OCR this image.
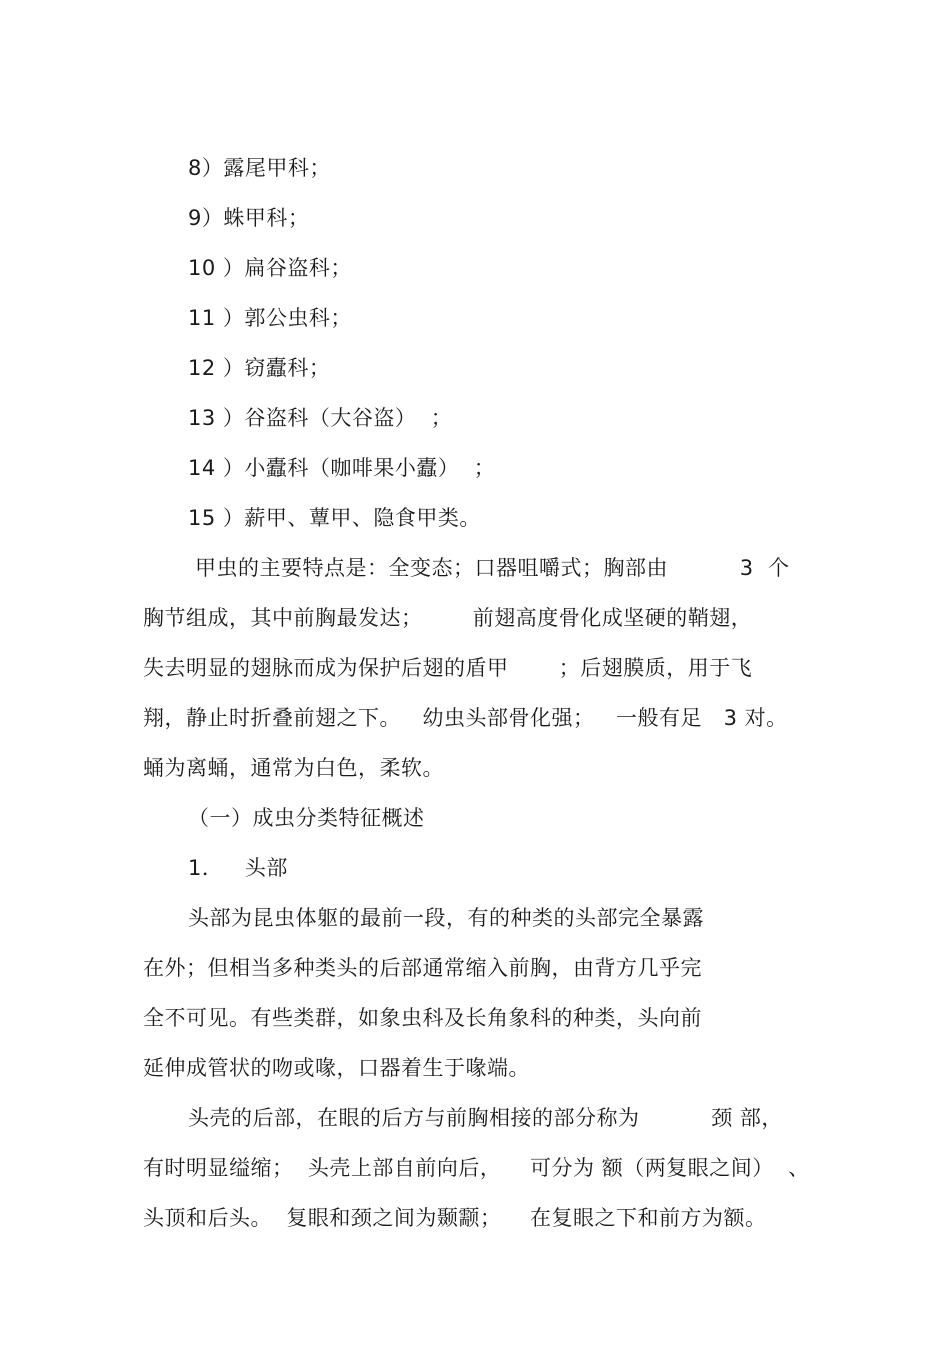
8）露尾甲科；
9）蛛甲科；
10 ）扁谷盗科；
11 ）郭公虫科；
12 ）窃蠹科；
13 ）谷盗科（大谷盗）  ；
14 ）小蠹科（咖啡果小蠹）  ；
15 ）薪甲、蕈甲、隐食甲类。
甲虫的主要特点是：全变态；口器咀嚼式；胸部由          3  个
胸节组成，其中前胸最发达；       前翅高度骨化成坚硬的鞘翅，
失去明显的翅脉而成为保护后翅的盾甲       ；后翅膜质，用于飞
翔，静止时折叠前翅之下。   幼虫头部骨化强；   一般有足   3 对。
蛹为离蛹，通常为白色，柔软。
（一）成虫分类特征概述
1．   头部
头部为昆虫体躯的最前一段，有的种类的头部完全暴露
在外；但相当多种类头的后部通常缩入前胸，由背方几乎完
全不可见。有些类群，如象虫科及长角象科的种类，头向前
延伸成管状的吻或喙，口器着生于喙端。
头壳的后部，在眼的后方与前胸相接的部分称为          颈 部，
有时明显缢缩；  头壳上部自前向后，    可分为 额（两复眼之间）  、
头顶和后头。  复眼和颈之间为颞颥；    在复眼之下和前方为额。
